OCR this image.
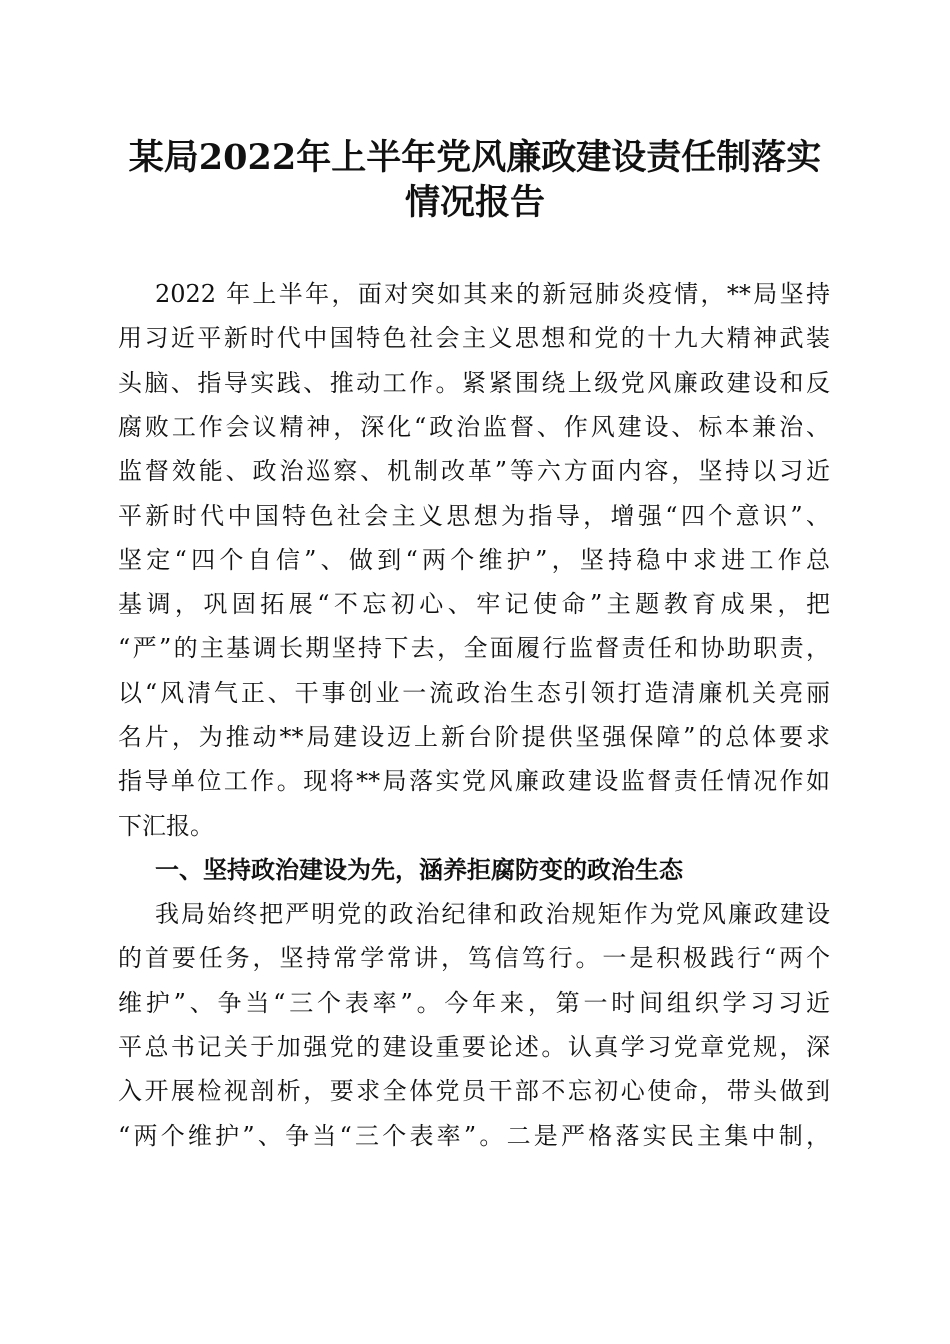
某局2022年上半年党风廉政建设责任制落实
情况报告
2022 年上半年，面对突如其来的新冠肺炎疫情，**局坚持
用习近平新时代中国特色社会主义思想和党的十九大精神武装
头脑、指导实践、推动工作。紧紧围绕上级党风廉政建设和反
腐败工作会议精神，深化“政治监督、作风建设、标本兼治、
监督效能、政治巡察、机制改革”等六方面内容，坚持以习近
平新时代中国特色社会主义思想为指导，增强“四个意识”、
坚定“四个自信”、做到“两个维护”，坚持稳中求进工作总
基调，巩固拓展“不忘初心、牢记使命”主题教育成果，把
“严”的主基调长期坚持下去，全面履行监督责任和协助职责，
以“风清气正、干事创业一流政治生态引领打造清廉机关亮丽
名片，为推动**局建设迈上新台阶提供坚强保障”的总体要求
指导单位工作。现将**局落实党风廉政建设监督责任情况作如
下汇报。
一、坚持政治建设为先，涵养拒腐防变的政治生态
我局始终把严明党的政治纪律和政治规矩作为党风廉政建设
的首要任务，坚持常学常讲，笃信笃行。一是积极践行“两个
维护”、争当“三个表率”。今年来，第一时间组织学习习近
平总书记关于加强党的建设重要论述。认真学习党章党规，深
入开展检视剖析，要求全体党员干部不忘初心使命，带头做到
“两个维护”、争当“三个表率”。二是严格落实民主集中制，
